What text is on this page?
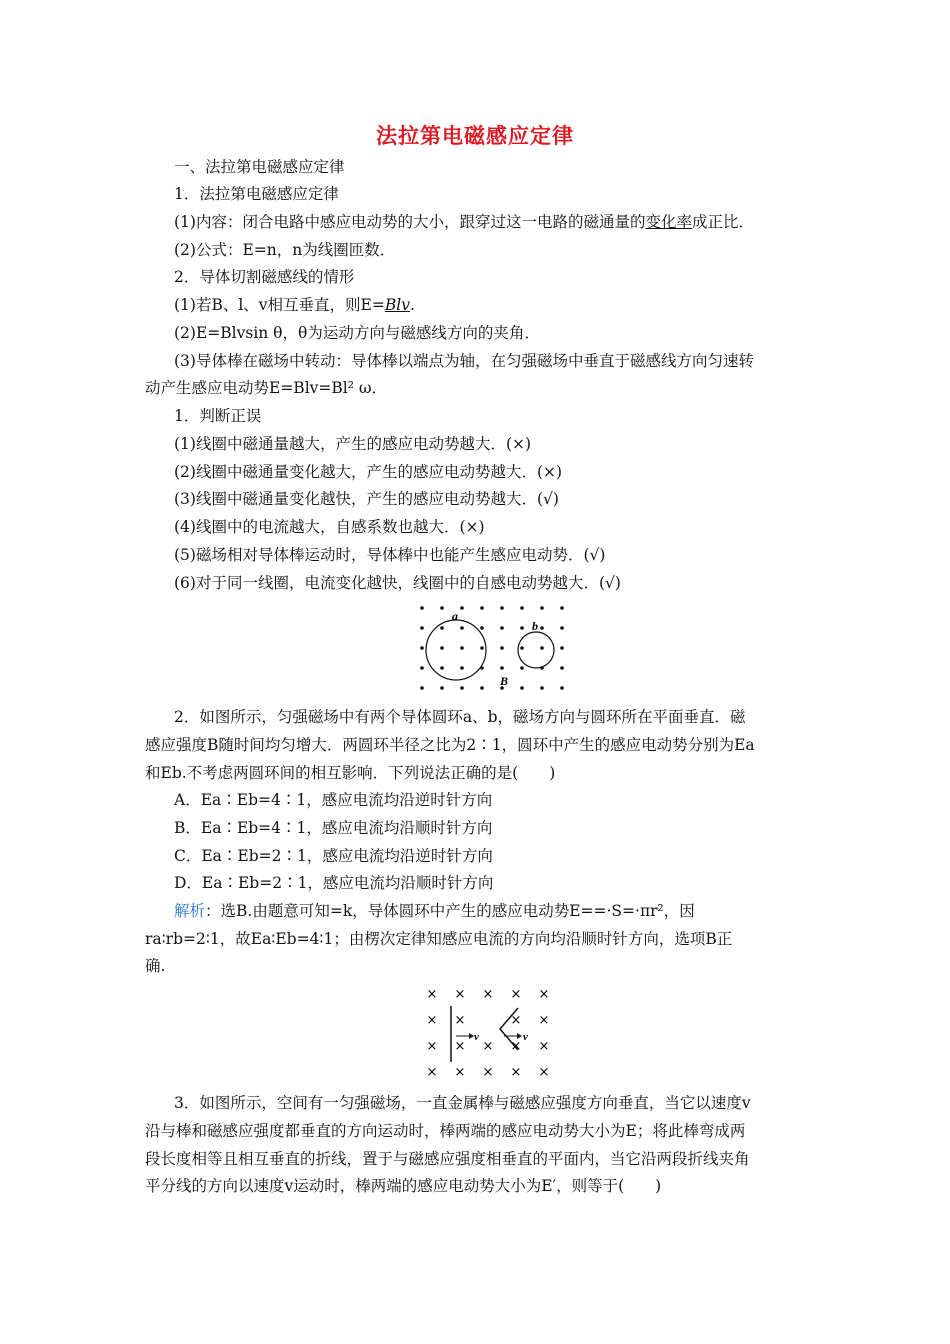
法拉第电磁感应定律
一、法拉第电磁感应定律
1．法拉第电磁感应定律
(1)内容：闭合电路中感应电动势的大小，跟穿过这一电路的磁通量的变化率成正比．
(2)公式：E=n，n为线圈匝数．
2．导体切割磁感线的情形
(1)若B、l、v相互垂直，则E=Blv.
(2)E=Blvsin θ，θ为运动方向与磁感线方向的夹角．
(3)导体棒在磁场中转动：导体棒以端点为轴，在匀强磁场中垂直于磁感线方向匀速转
动产生感应电动势E=Blv=Bl² ω．
1．判断正误
(1)线圈中磁通量越大，产生的感应电动势越大．(×)
(2)线圈中磁通量变化越大，产生的感应电动势越大．(×)
(3)线圈中磁通量变化越快，产生的感应电动势越大．(√)
(4)线圈中的电流越大，自感系数也越大．(×)
(5)磁场相对导体棒运动时，导体棒中也能产生感应电动势．(√)
(6)对于同一线圈，电流变化越快，线圈中的自感电动势越大．(√)
a
b
B
2．如图所示，匀强磁场中有两个导体圆环a、b，磁场方向与圆环所在平面垂直．磁
感应强度B随时间均匀增大．两圆环半径之比为2∶1，圆环中产生的感应电动势分别为Ea
和Eb.不考虑两圆环间的相互影响．下列说法正确的是(　　)
A．Ea∶Eb=4∶1，感应电流均沿逆时针方向
B．Ea∶Eb=4∶1，感应电流均沿顺时针方向
C．Ea∶Eb=2∶1，感应电流均沿逆时针方向
D．Ea∶Eb=2∶1，感应电流均沿顺时针方向
解析：选B.由题意可知=k，导体圆环中产生的感应电动势E==·S=·πr²，因
ra∶rb=2∶1，故Ea∶Eb=4∶1；由楞次定律知感应电流的方向均沿顺时针方向，选项B正
确.
× × × × ×
× ×	× ×
× × × × ×
× × × × ×
v	v
3．如图所示，空间有一匀强磁场，一直金属棒与磁感应强度方向垂直，当它以速度v
沿与棒和磁感应强度都垂直的方向运动时，棒两端的感应电动势大小为E；将此棒弯成两
段长度相等且相互垂直的折线，置于与磁感应强度相垂直的平面内，当它沿两段折线夹角
平分线的方向以速度v运动时，棒两端的感应电动势大小为E′，则等于(　　)
